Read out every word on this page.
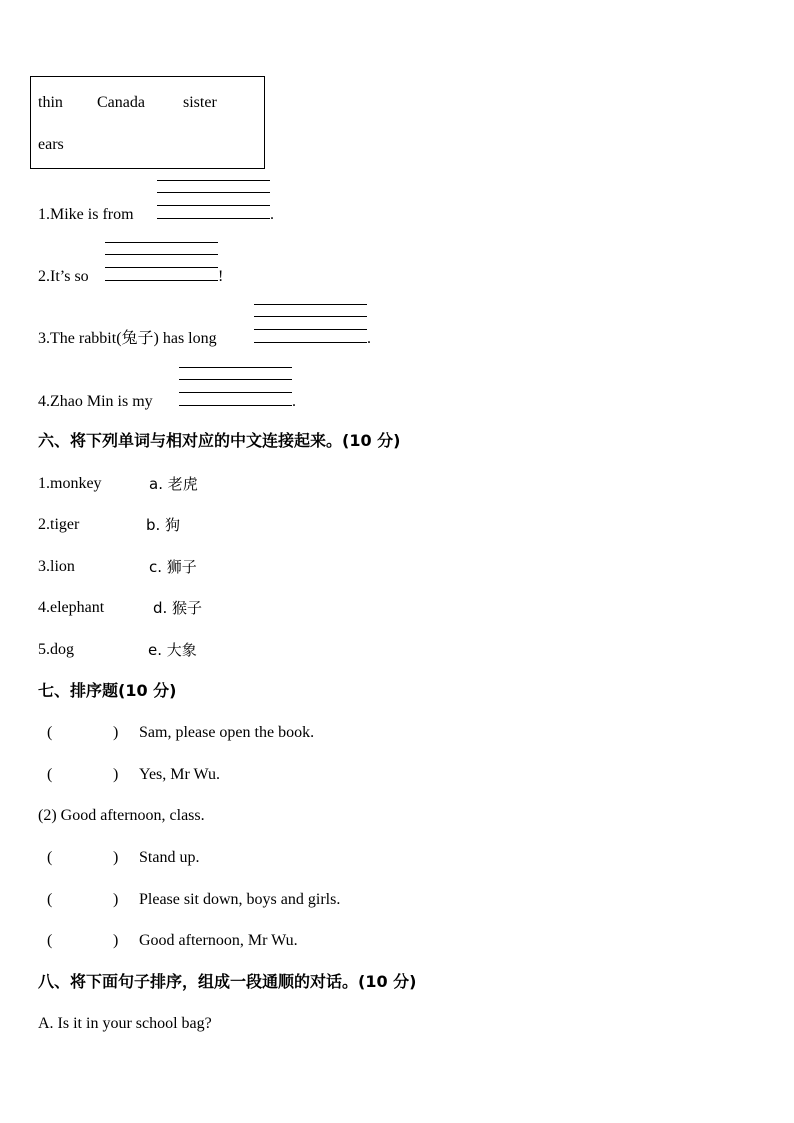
thin Canada sister
ears
1.Mike is from	.
2.It’s so	!
3.The rabbit(兔子) has long	.
4.Zhao Min is my	.
六、将下列单词与相对应的中文连接起来。(10 分)
1.monkey	a. 老虎
2.tiger	b. 狗
3.lion	c. 狮子
4.elephant	d. 猴子
5.dog	e. 大象
七、排序题(10 分)
(	) Sam, please open the book.
(	) Yes, Mr Wu.
(2) Good afternoon, class.
(	) Stand up.
(	) Please sit down, boys and girls.
(	) Good afternoon, Mr Wu.
八、将下面句子排序，组成一段通顺的对话。(10 分)
A. Is it in your school bag?
